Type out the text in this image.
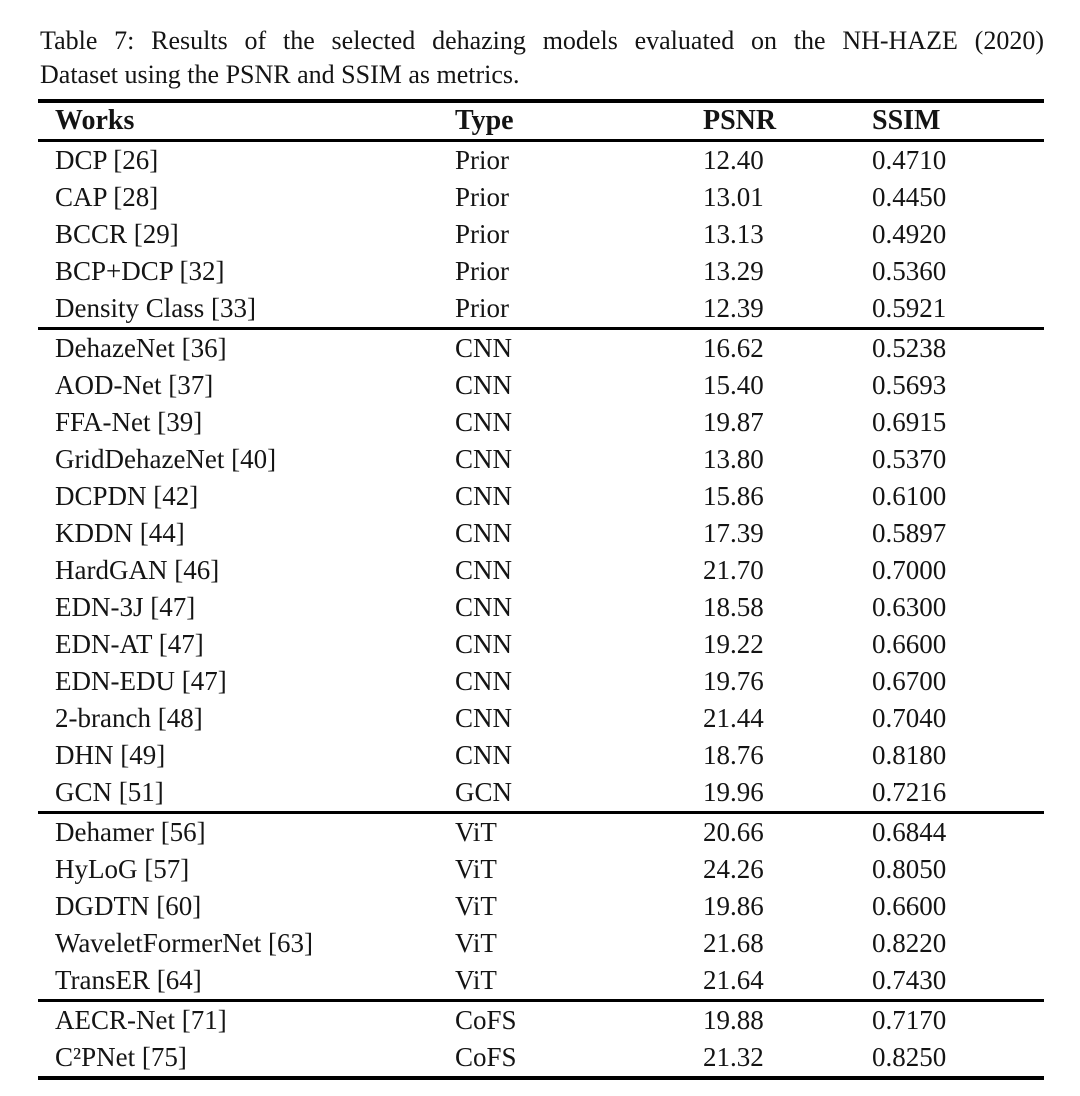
Table 7: Results of the selected dehazing models evaluated on the NH-HAZE (2020)
Dataset using the PSNR and SSIM as metrics.
Works	Type	PSNR	SSIM
DCP [26]	Prior	12.40	0.4710
CAP [28]	Prior	13.01	0.4450
BCCR [29]	Prior	13.13	0.4920
BCP+DCP [32]	Prior	13.29	0.5360
Density Class [33]	Prior	12.39	0.5921
DehazeNet [36]	CNN	16.62	0.5238
AOD-Net [37]	CNN	15.40	0.5693
FFA-Net [39]	CNN	19.87	0.6915
GridDehazeNet [40]	CNN	13.80	0.5370
DCPDN [42]	CNN	15.86	0.6100
KDDN [44]	CNN	17.39	0.5897
HardGAN [46]	CNN	21.70	0.7000
EDN-3J [47]	CNN	18.58	0.6300
EDN-AT [47]	CNN	19.22	0.6600
EDN-EDU [47]	CNN	19.76	0.6700
2-branch [48]	CNN	21.44	0.7040
DHN [49]	CNN	18.76	0.8180
GCN [51]	GCN	19.96	0.7216
Dehamer [56]	ViT	20.66	0.6844
HyLoG [57]	ViT	24.26	0.8050
DGDTN [60]	ViT	19.86	0.6600
WaveletFormerNet [63]	ViT	21.68	0.8220
TransER [64]	ViT	21.64	0.7430
AECR-Net [71]	CoFS	19.88	0.7170
C²PNet [75]	CoFS	21.32	0.8250
